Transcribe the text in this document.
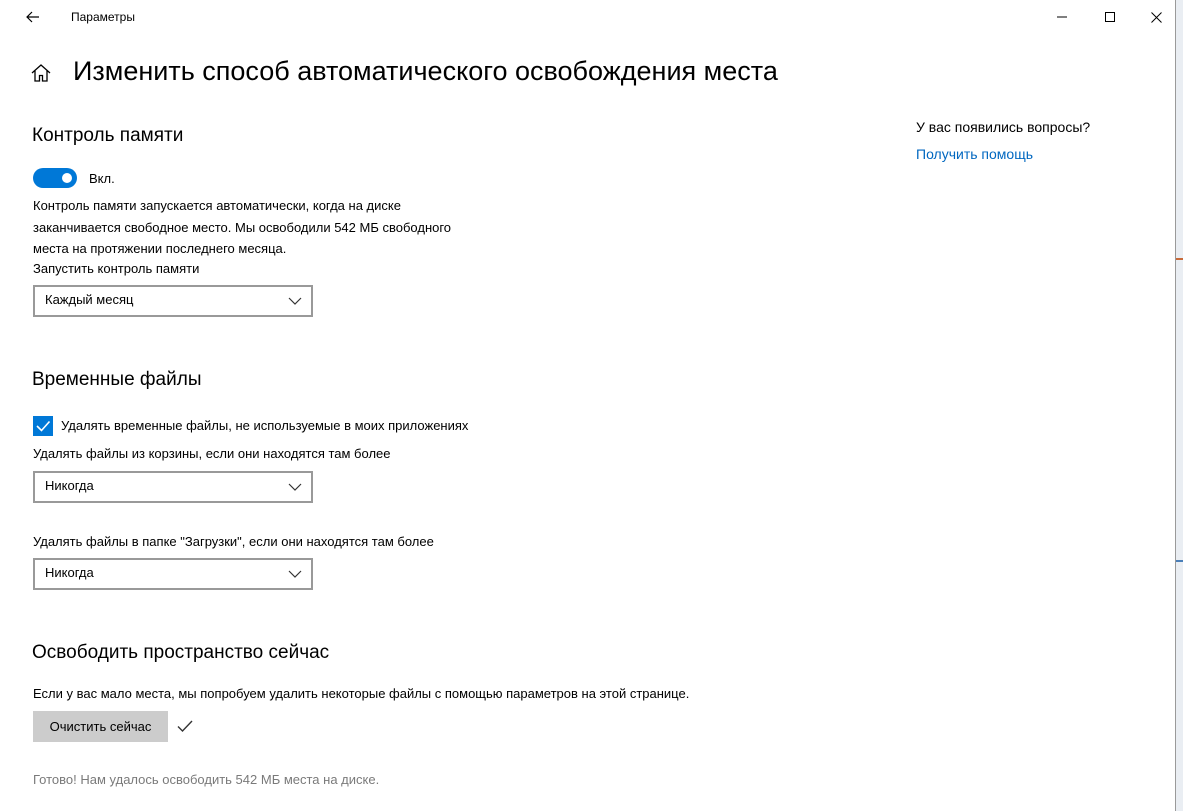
Параметры
Изменить способ автоматического освобождения места
У вас появились вопросы?
Получить помощь
Контроль памяти
Вкл.
Контроль памяти запускается автоматически, когда на диске заканчивается свободное место. Мы освободили 542 МБ свободного места на протяжении последнего месяца.
Запустить контроль памяти
Каждый месяц
Временные файлы
Удалять временные файлы, не используемые в моих приложениях
Удалять файлы из корзины, если они находятся там более
Никогда
Удалять файлы в папке "Загрузки", если они находятся там более
Никогда
Освободить пространство сейчас
Если у вас мало места, мы попробуем удалить некоторые файлы с помощью параметров на этой странице.
Очистить сейчас
Готово! Нам удалось освободить 542 МБ места на диске.
